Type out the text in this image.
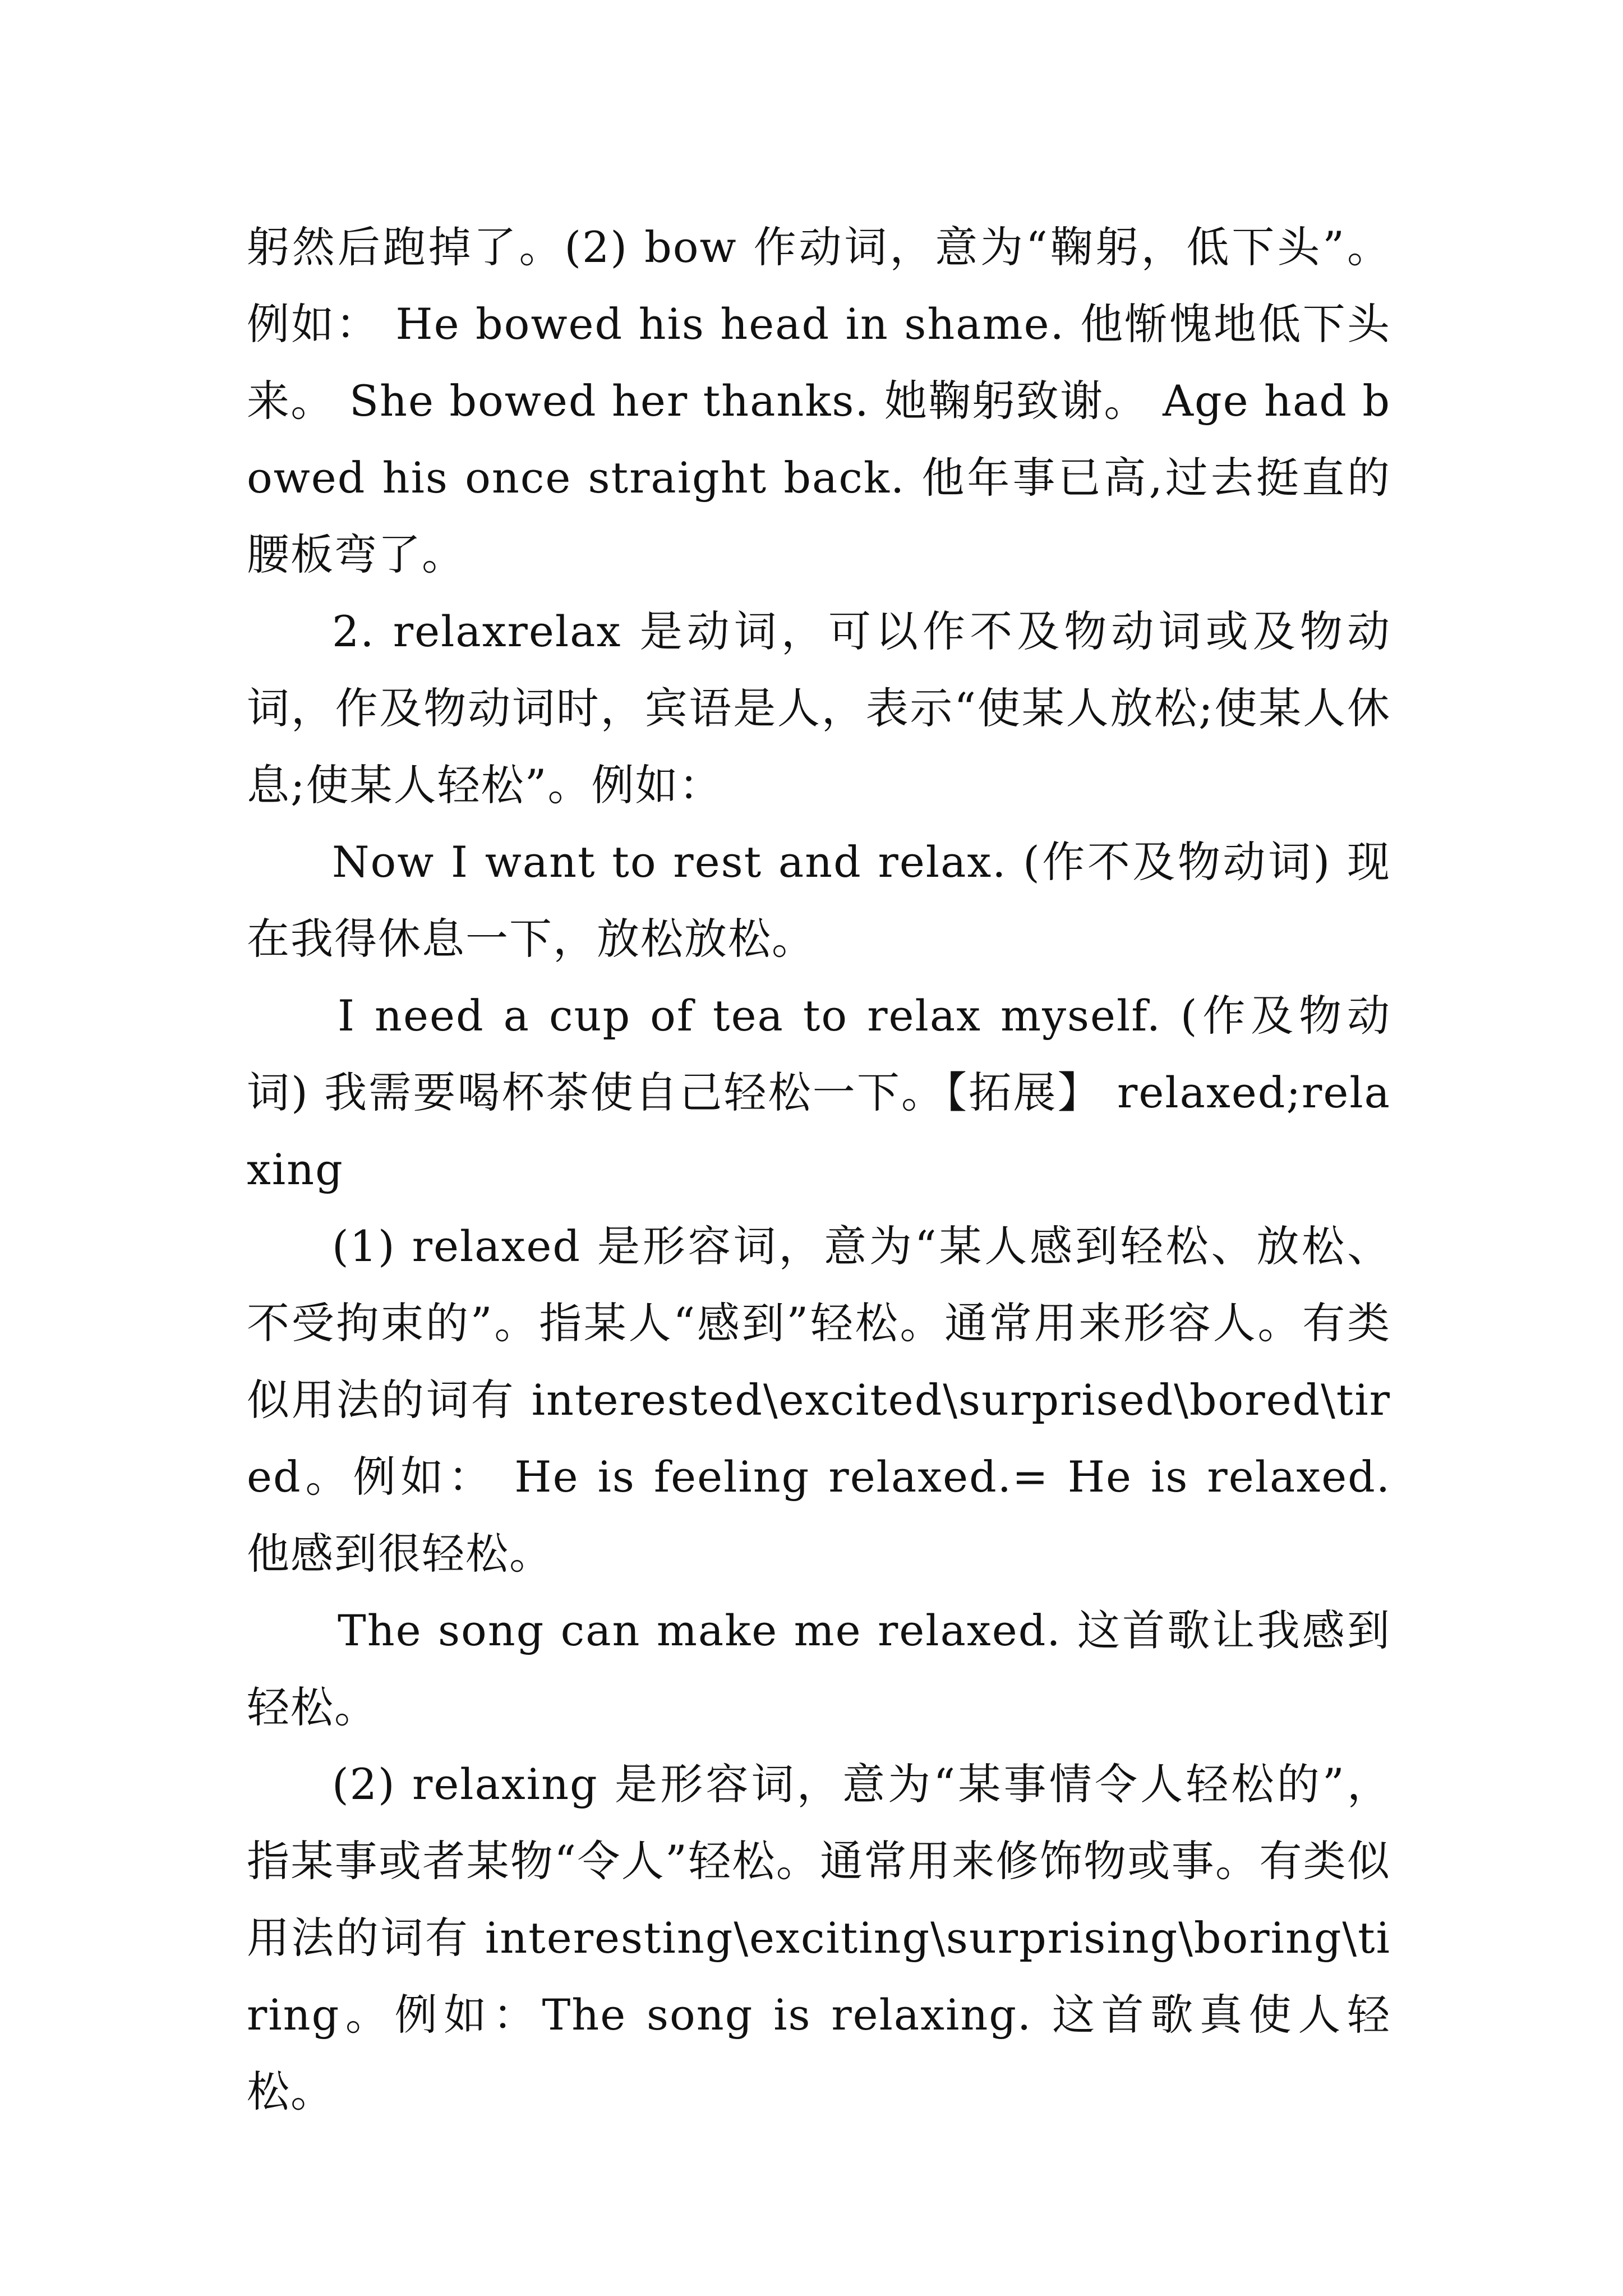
躬然后跑掉了。(2) bow 作动词，意为“鞠躬，低下头”。例如： He bowed his head in shame. 他惭愧地低下头来。 She bowed her thanks. 她鞠躬致谢。 Age had bowed his once straight back. 他年事已高,过去挺直的腰板弯了。

2. relaxrelax 是动词，可以作不及物动词或及物动词，作及物动词时，宾语是人，表示“使某人放松;使某人休息;使某人轻松”。例如：

Now I want to rest and relax. (作不及物动词) 现在我得休息一下，放松放松。

I need a cup of tea to relax myself. (作及物动词) 我需要喝杯茶使自己轻松一下。【拓展】 relaxed;relaxing

(1) relaxed 是形容词，意为“某人感到轻松、放松、不受拘束的”。指某人“感到”轻松。通常用来形容人。有类似用法的词有 interested\excited\surprised\bored\tired。例如： He is feeling relaxed.= He is relaxed. 他感到很轻松。

The song can make me relaxed. 这首歌让我感到轻松。

(2) relaxing 是形容词，意为“某事情令人轻松的”，指某事或者某物“令人”轻松。通常用来修饰物或事。有类似用法的词有 interesting\exciting\surprising\boring\tiring。例如：The song is relaxing. 这首歌真使人轻松。
